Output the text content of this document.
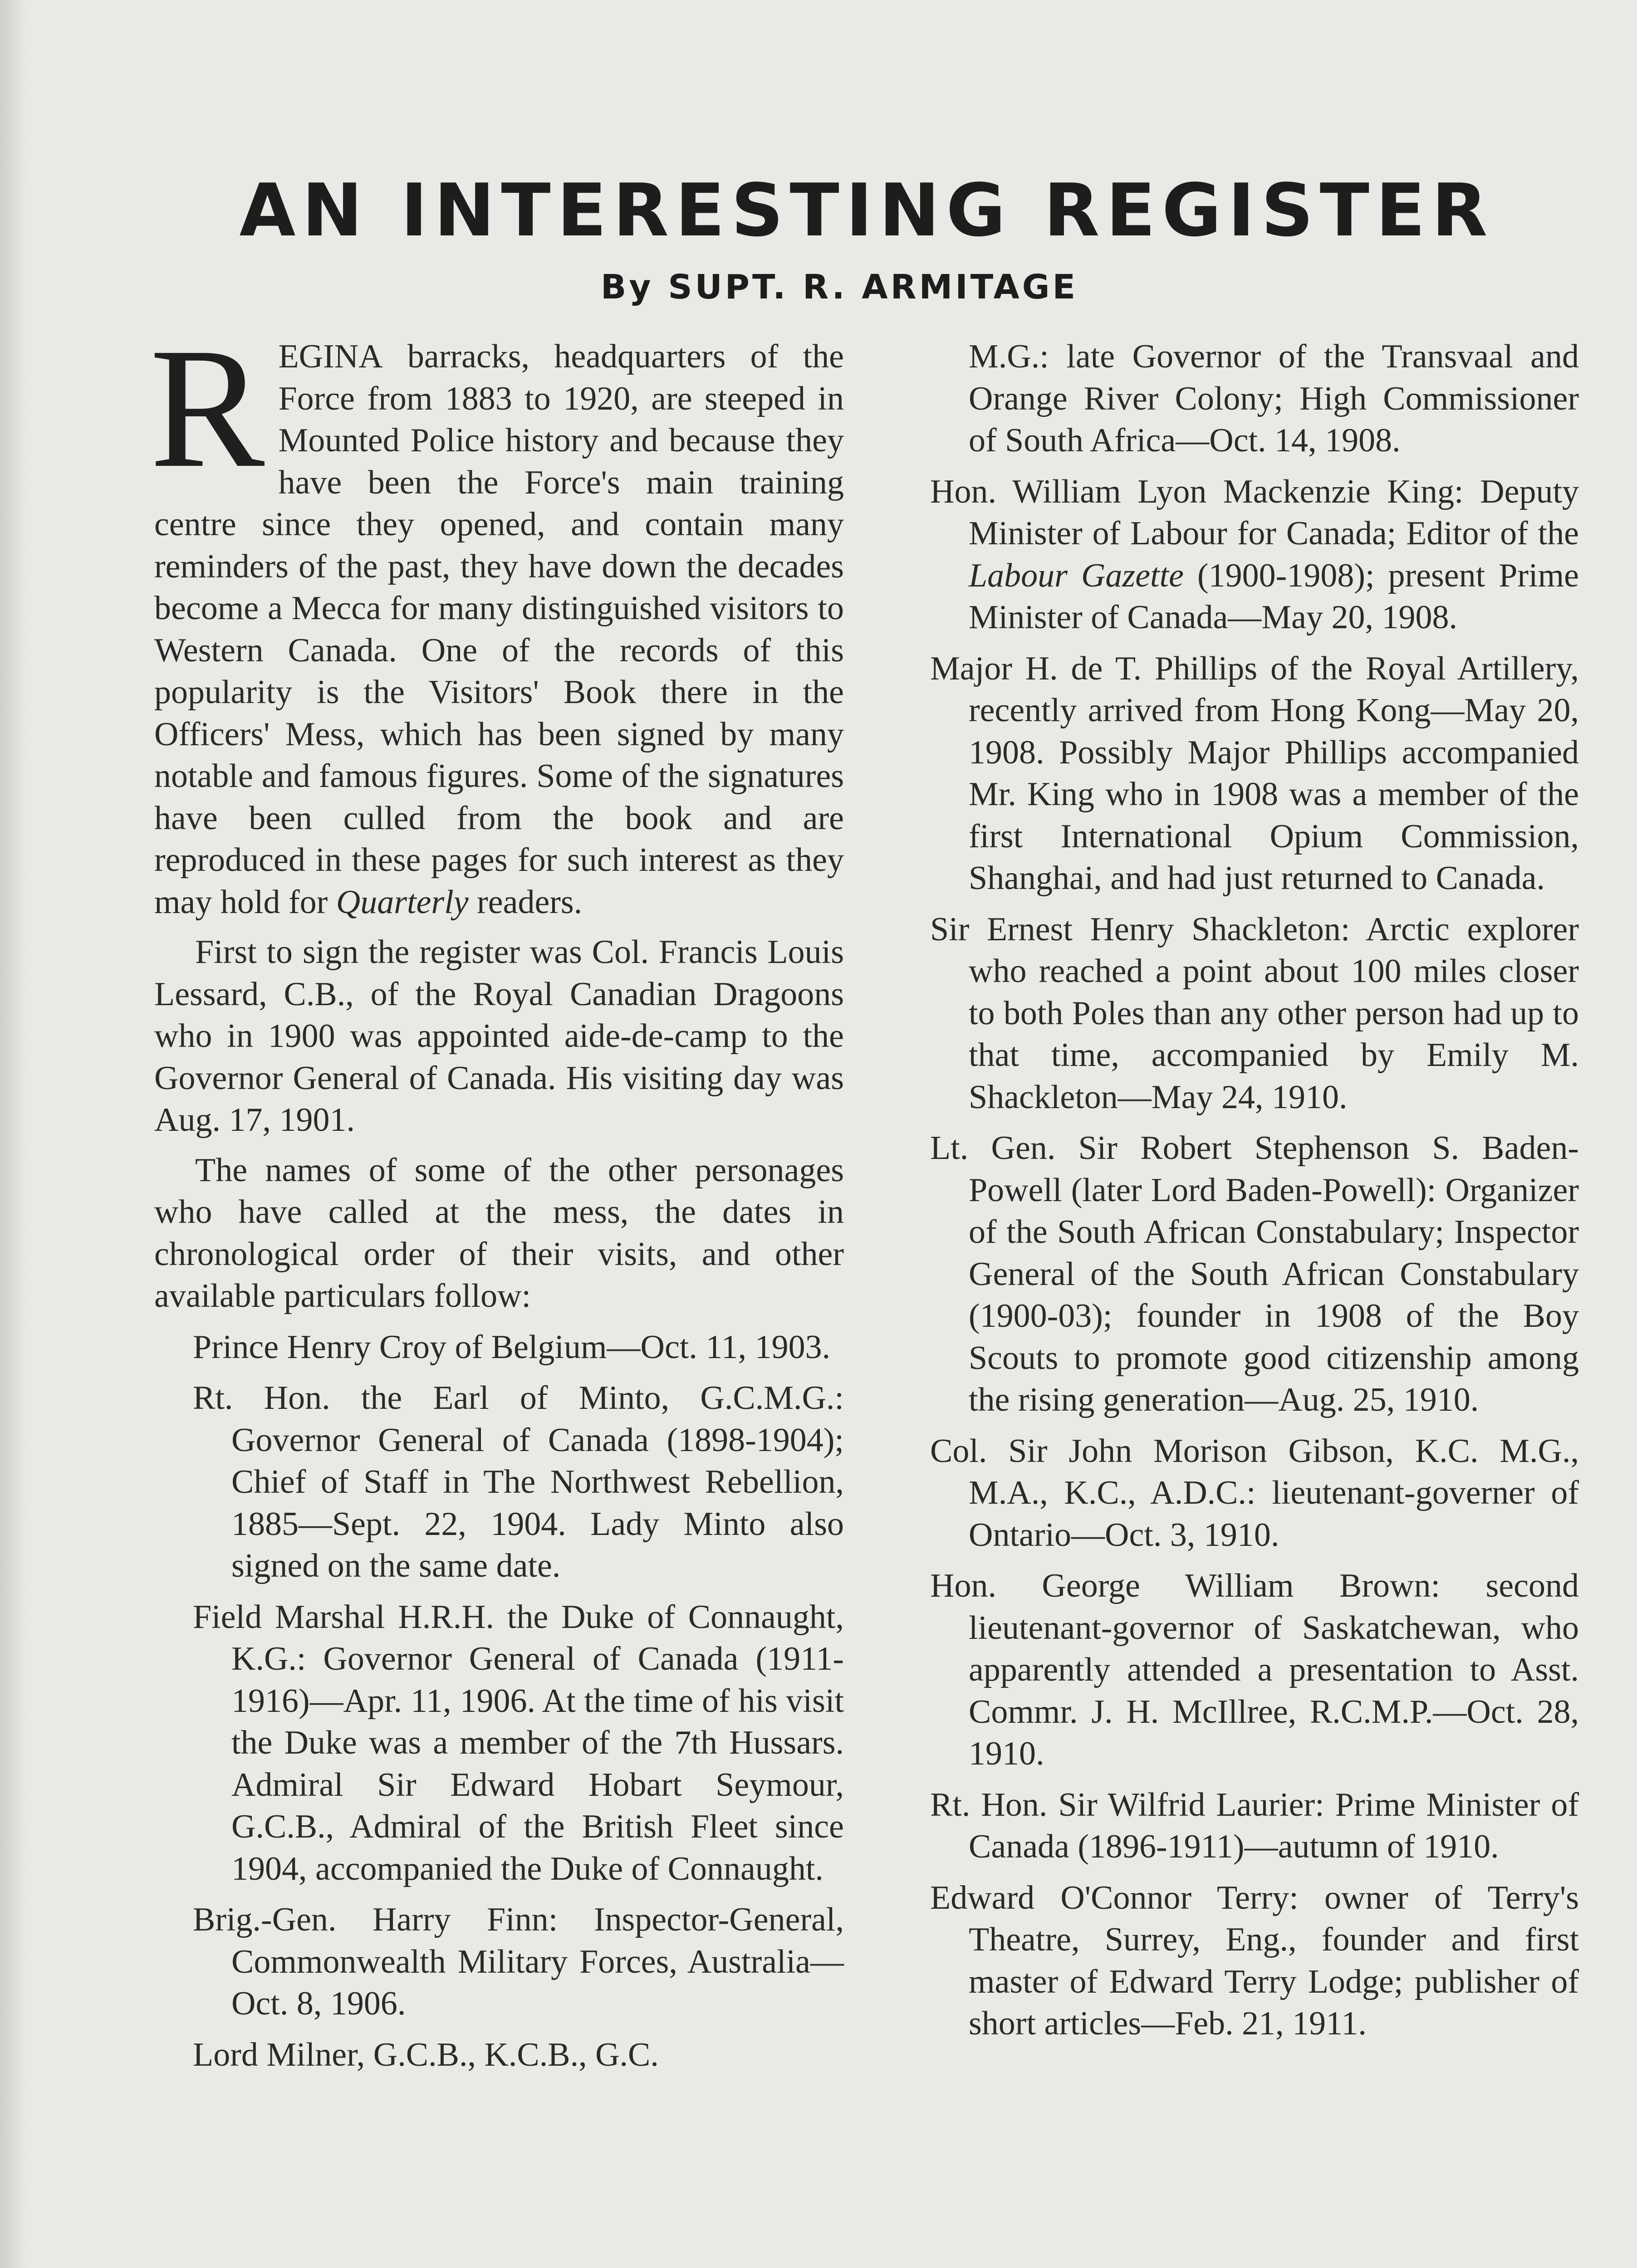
AN INTERESTING REGISTER
By SUPT. R. ARMITAGE

REGINA barracks, headquarters of the Force from 1883 to 1920, are steeped in Mounted Police history and because they have been the Force's main training centre since they opened, and contain many reminders of the past, they have down the decades become a Mecca for many distinguished visitors to Western Canada. One of the records of this popularity is the Visitors' Book there in the Officers' Mess, which has been signed by many notable and famous figures. Some of the signatures have been culled from the book and are reproduced in these pages for such interest as they may hold for Quarterly readers.

First to sign the register was Col. Francis Louis Lessard, C.B., of the Royal Canadian Dragoons who in 1900 was appointed aide-de-camp to the Governor General of Canada. His visiting day was Aug. 17, 1901.

The names of some of the other personages who have called at the mess, the dates in chronological order of their visits, and other available particulars follow:

Prince Henry Croy of Belgium—Oct. 11, 1903.

Rt. Hon. the Earl of Minto, G.C.M.G.: Governor General of Canada (1898-1904); Chief of Staff in The Northwest Rebellion, 1885—Sept. 22, 1904. Lady Minto also signed on the same date.

Field Marshal H.R.H. the Duke of Connaught, K.G.: Governor General of Canada (1911-1916)—Apr. 11, 1906. At the time of his visit the Duke was a member of the 7th Hussars. Admiral Sir Edward Hobart Seymour, G.C.B., Admiral of the British Fleet since 1904, accompanied the Duke of Connaught.

Brig.-Gen. Harry Finn: Inspector-General, Commonwealth Military Forces, Australia—Oct. 8, 1906.

Lord Milner, G.C.B., K.C.B., G.C.

M.G.: late Governor of the Transvaal and Orange River Colony; High Commissioner of South Africa—Oct. 14, 1908.

Hon. William Lyon Mackenzie King: Deputy Minister of Labour for Canada; Editor of the Labour Gazette (1900-1908); present Prime Minister of Canada—May 20, 1908.

Major H. de T. Phillips of the Royal Artillery, recently arrived from Hong Kong—May 20, 1908. Possibly Major Phillips accompanied Mr. King who in 1908 was a member of the first International Opium Commission, Shanghai, and had just returned to Canada.

Sir Ernest Henry Shackleton: Arctic explorer who reached a point about 100 miles closer to both Poles than any other person had up to that time, accompanied by Emily M. Shackleton—May 24, 1910.

Lt. Gen. Sir Robert Stephenson S. Baden-Powell (later Lord Baden-Powell): Organizer of the South African Constabulary; Inspector General of the South African Constabulary (1900-03); founder in 1908 of the Boy Scouts to promote good citizenship among the rising generation—Aug. 25, 1910.

Col. Sir John Morison Gibson, K.C. M.G., M.A., K.C., A.D.C.: lieutenant-governer of Ontario—Oct. 3, 1910.

Hon. George William Brown: second lieutenant-governor of Saskatchewan, who apparently attended a presentation to Asst. Commr. J. H. McIllree, R.C.M.P.—Oct. 28, 1910.

Rt. Hon. Sir Wilfrid Laurier: Prime Minister of Canada (1896-1911)—autumn of 1910.

Edward O'Connor Terry: owner of Terry's Theatre, Surrey, Eng., founder and first master of Edward Terry Lodge; publisher of short articles—Feb. 21, 1911.
